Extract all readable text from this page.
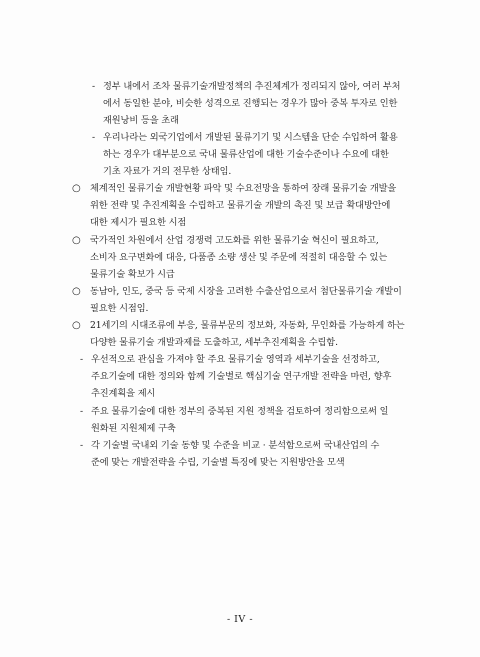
- 정부 내에서 조차 물류기술개발정책의 추진체계가 정리되지 않아, 여러 부처
에서 동일한 분야, 비슷한 성격으로 진행되는 경우가 많아 중복 투자로 인한
재원낭비 등을 초래
- 우리나라는 외국기업에서 개발된 물류기기 및 시스템을 단순 수입하여 활용
하는 경우가 대부분으로 국내 물류산업에 대한 기술수준이나 수요에 대한
기초 자료가 거의 전무한 상태임.
○	체계적인 물류기술 개발현황 파악 및 수요전망을 통하여 장래 물류기술 개발을
위한 전략 및 추진계획을 수립하고 물류기술 개발의 촉진 및 보급 확대방안에
대한 제시가 필요한 시점
○	국가적인 차원에서 산업 경쟁력 고도화를 위한 물류기술 혁신이 필요하고,
소비자 요구변화에 대응, 다품종 소량 생산 및 주문에 적절히 대응할 수 있는
물류기술 확보가 시급
○	동남아, 인도, 중국 등 국제 시장을 고려한 수출산업으로서 첨단물류기술 개발이
필요한 시점임.
○	21세기의 시대조류에 부응, 물류부문의 정보화, 자동화, 무인화를 가능하게 하는
다양한 물류기술 개발과제를 도출하고, 세부추진계획을 수립함.
- 우선적으로 관심을 가져야 할 주요 물류기술 영역과 세부기술을 선정하고,
주요기술에 대한 정의와 함께 기술별로 핵심기술 연구개발 전략을 마련, 향후
추진계획을 제시
- 주요 물류기술에 대한 정부의 중복된 지원 정책을 검토하여 정리함으로써 일
원화된 지원체제 구축
- 각 기술별 국내외 기술 동향 및 수준을 비교 · 분석함으로써 국내산업의 수
준에 맞는 개발전략을 수립, 기술별 특징에 맞는 지원방안을 모색
- IV -
